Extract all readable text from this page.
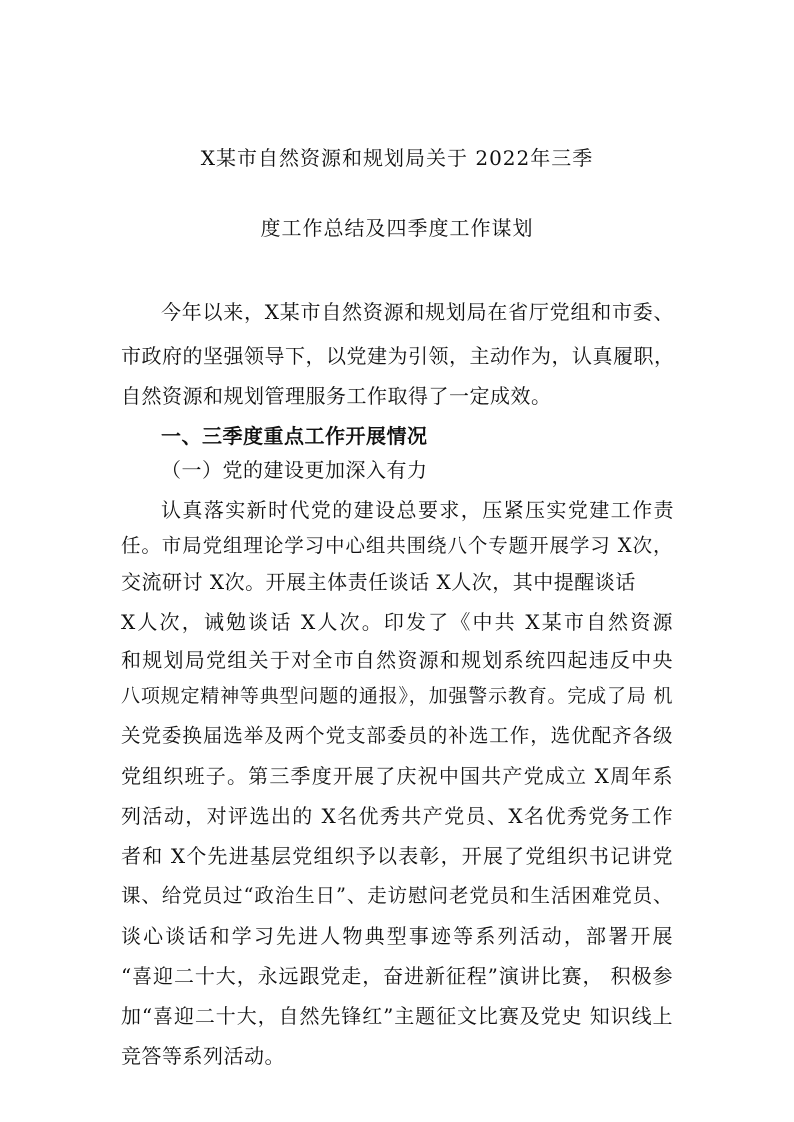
X某市自然资源和规划局关于 2022年三季
度工作总结及四季度工作谋划
今年以来，X某市自然资源和规划局在省厅党组和市委、
市政府的坚强领导下，以党建为引领，主动作为，认真履职，
自然资源和规划管理服务工作取得了一定成效。
一、三季度重点工作开展情况
（一）党的建设更加深入有力
认真落实新时代党的建设总要求，压紧压实党建工作责
任。市局党组理论学习中心组共围绕八个专题开展学习 X次，
交流研讨 X次。开展主体责任谈话 X人次，其中提醒谈话
X人次，诫勉谈话 X人次。印发了《中共 X某市自然资源
和规划局党组关于对全市自然资源和规划系统四起违反中央
八项规定精神等典型问题的通报》，加强警示教育。完成了局 机
关党委换届选举及两个党支部委员的补选工作，选优配齐各级
党组织班子。第三季度开展了庆祝中国共产党成立 X周年系
列活动，对评选出的 X名优秀共产党员、X名优秀党务工作
者和 X个先进基层党组织予以表彰，开展了党组织书记讲党
课、给党员过“政治生日”、走访慰问老党员和生活困难党员、
谈心谈话和学习先进人物典型事迹等系列活动，部署开展
“喜迎二十大，永远跟党走，奋进新征程”演讲比赛， 积极参
加“喜迎二十大，自然先锋红”主题征文比赛及党史 知识线上
竞答等系列活动。
